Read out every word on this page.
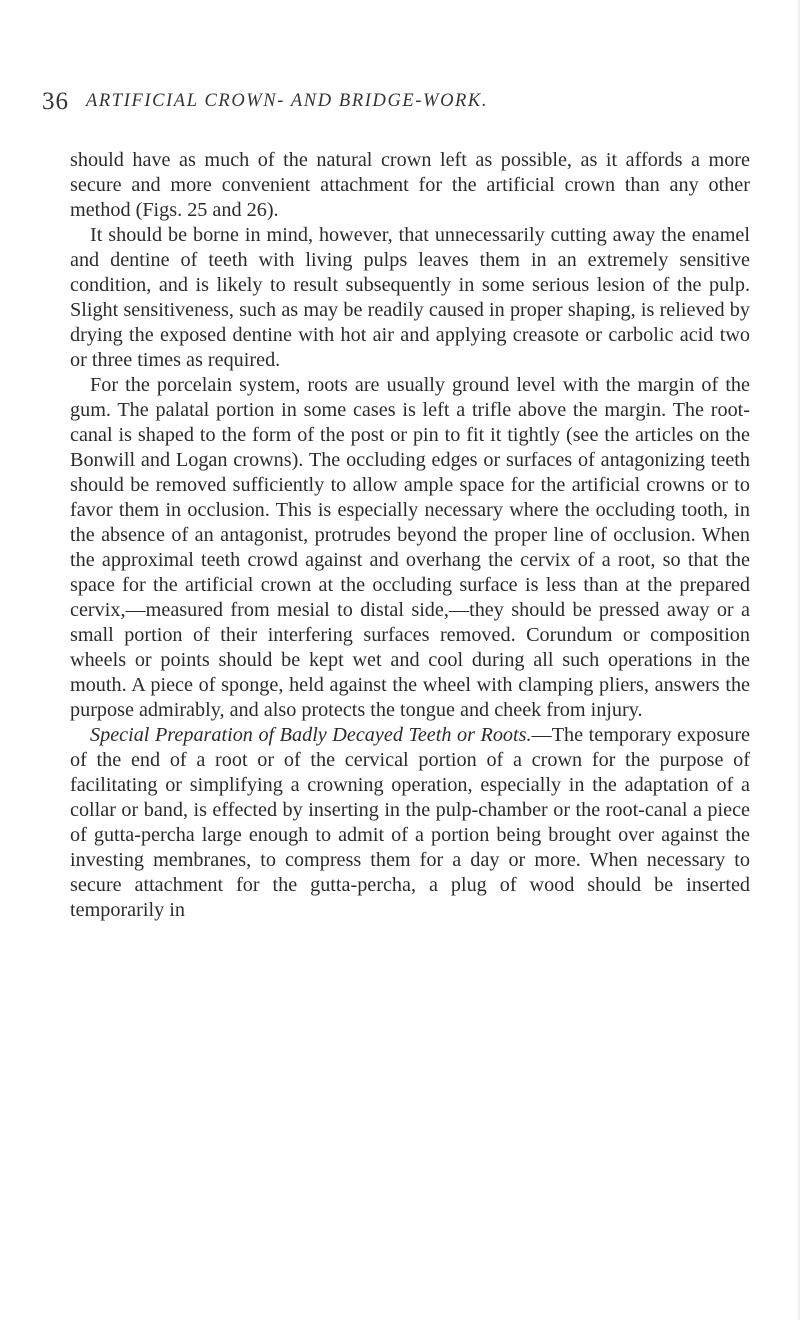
36 ARTIFICIAL CROWN- AND BRIDGE-WORK.

should have as much of the natural crown left as possible, as it affords a more secure and more convenient attachment for the artificial crown than any other method (Figs. 25 and 26).

It should be borne in mind, however, that unnecessarily cutting away the enamel and dentine of teeth with living pulps leaves them in an extremely sensitive condition, and is likely to result subsequently in some serious lesion of the pulp. Slight sensitiveness, such as may be readily caused in proper shaping, is relieved by drying the exposed dentine with hot air and applying creasote or carbolic acid two or three times as required.

For the porcelain system, roots are usually ground level with the margin of the gum. The palatal portion in some cases is left a trifle above the margin. The root-canal is shaped to the form of the post or pin to fit it tightly (see the articles on the Bonwill and Logan crowns). The occluding edges or surfaces of antagonizing teeth should be removed sufficiently to allow ample space for the artificial crowns or to favor them in occlusion. This is especially necessary where the occluding tooth, in the absence of an antagonist, protrudes beyond the proper line of occlusion. When the approximal teeth crowd against and overhang the cervix of a root, so that the space for the artificial crown at the occluding surface is less than at the prepared cervix,—measured from mesial to distal side,—they should be pressed away or a small portion of their interfering surfaces removed. Corundum or composition wheels or points should be kept wet and cool during all such operations in the mouth. A piece of sponge, held against the wheel with clamping pliers, answers the purpose admirably, and also protects the tongue and cheek from injury.

Special Preparation of Badly Decayed Teeth or Roots.—The temporary exposure of the end of a root or of the cervical portion of a crown for the purpose of facilitating or simplifying a crowning operation, especially in the adaptation of a collar or band, is effected by inserting in the pulp-chamber or the root-canal a piece of gutta-percha large enough to admit of a portion being brought over against the investing membranes, to compress them for a day or more. When necessary to secure attachment for the gutta-percha, a plug of wood should be inserted temporarily in
